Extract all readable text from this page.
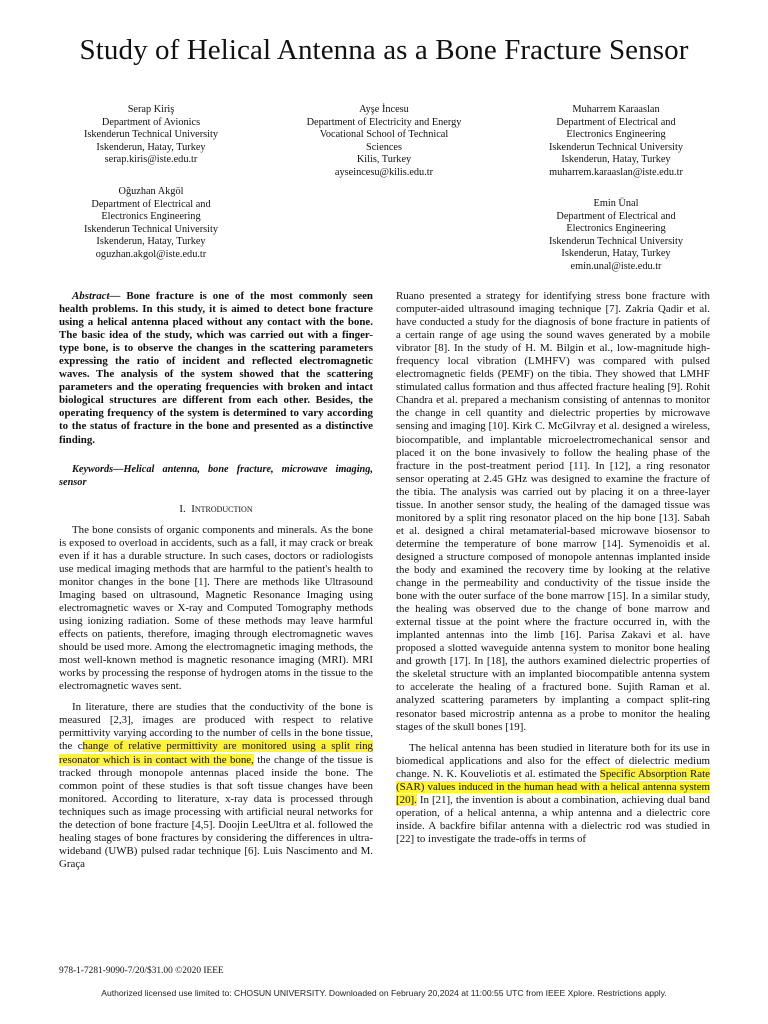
Study of Helical Antenna as a Bone Fracture Sensor
Serap Kiriş
Department of Avionics
Iskenderun Technical University
Iskenderun, Hatay, Turkey
serap.kiris@iste.edu.tr
Ayşe İncesu
Department of Electricity and Energy
Vocational School of Technical
Sciences
Kilis, Turkey
ayseincesu@kilis.edu.tr
Muharrem Karaaslan
Department of Electrical and
Electronics Engineering
Iskenderun Technical University
Iskenderun, Hatay, Turkey
muharrem.karaaslan@iste.edu.tr
Oğuzhan Akgöl
Department of Electrical and
Electronics Engineering
Iskenderun Technical University
Iskenderun, Hatay, Turkey
oguzhan.akgol@iste.edu.tr
Emin Ünal
Department of Electrical and
Electronics Engineering
Iskenderun Technical University
Iskenderun, Hatay, Turkey
emin.unal@iste.edu.tr

Abstract— Bone fracture is one of the most commonly seen health problems. In this study, it is aimed to detect bone fracture using a helical antenna placed without any contact with the bone. The basic idea of the study, which was carried out with a finger-type bone, is to observe the changes in the scattering parameters expressing the ratio of incident and reflected electromagnetic waves. The analysis of the system showed that the scattering parameters and the operating frequencies with broken and intact biological structures are different from each other. Besides, the operating frequency of the system is determined to vary according to the status of fracture in the bone and presented as a distinctive finding.

Keywords—Helical antenna, bone fracture, microwave imaging, sensor

I. Introduction

The bone consists of organic components and minerals. As the bone is exposed to overload in accidents, such as a fall, it may crack or break even if it has a durable structure. In such cases, doctors or radiologists use medical imaging methods that are harmful to the patient's health to monitor changes in the bone [1]. There are methods like Ultrasound Imaging based on ultrasound, Magnetic Resonance Imaging using electromagnetic waves or X-ray and Computed Tomography methods using ionizing radiation. Some of these methods may leave harmful effects on patients, therefore, imaging through electromagnetic waves should be used more. Among the electromagnetic imaging methods, the most well-known method is magnetic resonance imaging (MRI). MRI works by processing the response of hydrogen atoms in the tissue to the electromagnetic waves sent.

In literature, there are studies that the conductivity of the bone is measured [2,3], images are produced with respect to relative permittivity varying according to the number of cells in the bone tissue, the change of relative permittivity are monitored using a split ring resonator which is in contact with the bone, the change of the tissue is tracked through monopole antennas placed inside the bone. The common point of these studies is that soft tissue changes have been monitored. According to literature, x-ray data is processed through techniques such as image processing with artificial neural networks for the detection of bone fracture [4,5]. Doojin LeeUltra et al. followed the healing stages of bone fractures by considering the differences in ultra-wideband (UWB) pulsed radar technique [6]. Luis Nascimento and M. Graça

Ruano presented a strategy for identifying stress bone fracture with computer-aided ultrasound imaging technique [7]. Zakria Qadir et al. have conducted a study for the diagnosis of bone fracture in patients of a certain range of age using the sound waves generated by a mobile vibrator [8]. In the study of H. M. Bilgin et al., low-magnitude high-frequency local vibration (LMHFV) was compared with pulsed electromagnetic fields (PEMF) on the tibia. They showed that LMHF stimulated callus formation and thus affected fracture healing [9]. Rohit Chandra et al. prepared a mechanism consisting of antennas to monitor the change in cell quantity and dielectric properties by microwave sensing and imaging [10]. Kirk C. McGilvray et al. designed a wireless, biocompatible, and implantable microelectromechanical sensor and placed it on the bone invasively to follow the healing phase of the fracture in the post-treatment period [11]. In [12], a ring resonator sensor operating at 2.45 GHz was designed to examine the fracture of the tibia. The analysis was carried out by placing it on a three-layer tissue. In another sensor study, the healing of the damaged tissue was monitored by a split ring resonator placed on the hip bone [13]. Sabah et al. designed a chiral metamaterial-based microwave biosensor to determine the temperature of bone marrow [14]. Symenoidis et al. designed a structure composed of monopole antennas implanted inside the body and examined the recovery time by looking at the relative change in the permeability and conductivity of the tissue inside the bone with the outer surface of the bone marrow [15]. In a similar study, the healing was observed due to the change of bone marrow and external tissue at the point where the fracture occurred in, with the implanted antennas into the limb [16]. Parisa Zakavi et al. have proposed a slotted waveguide antenna system to monitor bone healing and growth [17]. In [18], the authors examined dielectric properties of the skeletal structure with an implanted biocompatible antenna system to accelerate the healing of a fractured bone. Sujith Raman et al. analyzed scattering parameters by implanting a compact split-ring resonator based microstrip antenna as a probe to monitor the healing stages of the skull bones [19].

The helical antenna has been studied in literature both for its use in biomedical applications and also for the effect of dielectric medium change. N. K. Kouveliotis et al. estimated the Specific Absorption Rate (SAR) values induced in the human head with a helical antenna system [20]. In [21], the invention is about a combination, achieving dual band operation, of a helical antenna, a whip antenna and a dielectric core inside. A backfire bifilar antenna with a dielectric rod was studied in [22] to investigate the trade-offs in terms of

978-1-7281-9090-7/20/$31.00 ©2020 IEEE
Authorized licensed use limited to: CHOSUN UNIVERSITY. Downloaded on February 20,2024 at 11:00:55 UTC from IEEE Xplore. Restrictions apply.
